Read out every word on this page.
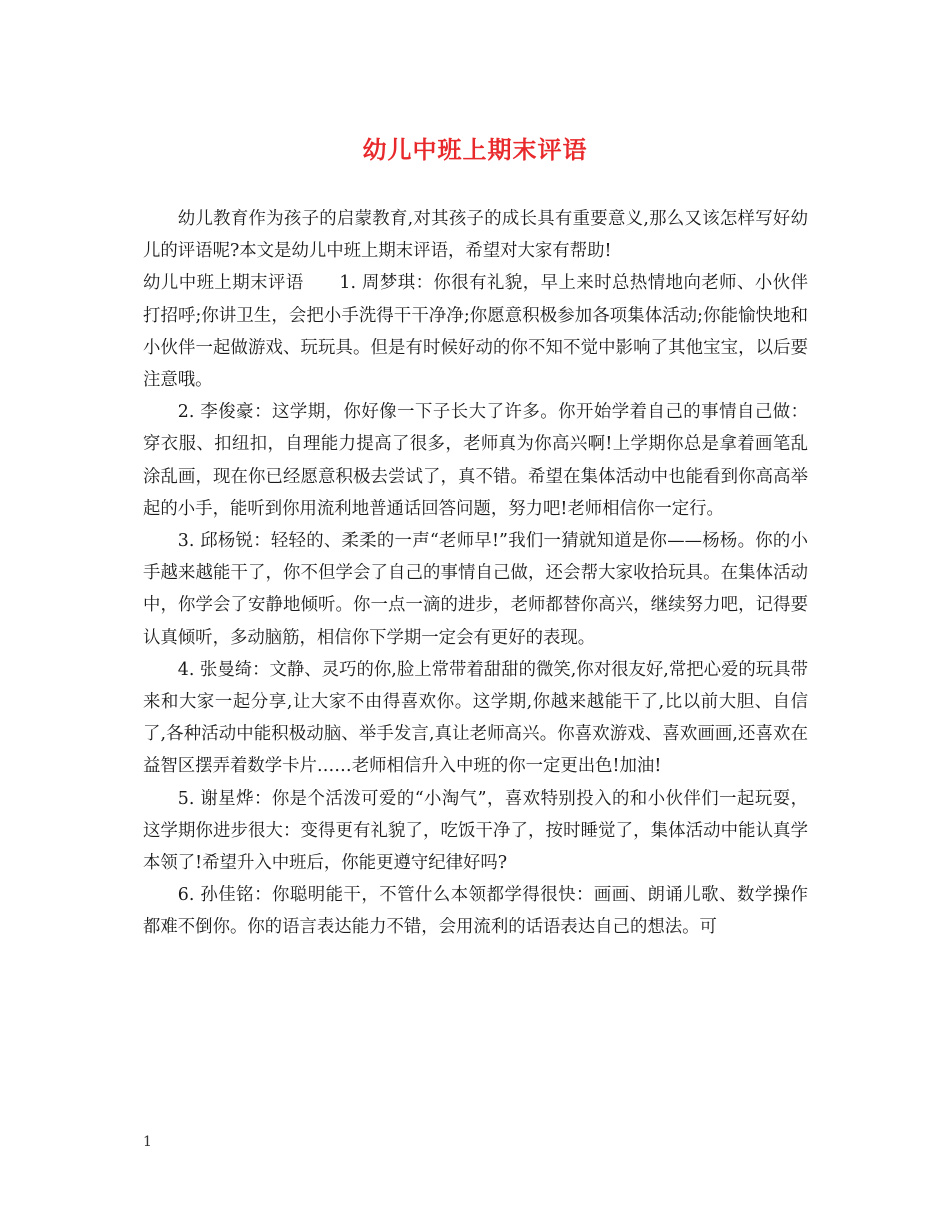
幼儿中班上期末评语

幼儿教育作为孩子的启蒙教育,对其孩子的成长具有重要意义,那么又该怎样写好幼儿的评语呢?本文是幼儿中班上期末评语，希望对大家有帮助!

幼儿中班上期末评语　　1. 周梦琪：你很有礼貌，早上来时总热情地向老师、小伙伴打招呼;你讲卫生，会把小手洗得干干净净;你愿意积极参加各项集体活动;你能愉快地和小伙伴一起做游戏、玩玩具。但是有时候好动的你不知不觉中影响了其他宝宝，以后要注意哦。

2. 李俊豪：这学期，你好像一下子长大了许多。你开始学着自己的事情自己做：穿衣服、扣纽扣，自理能力提高了很多，老师真为你高兴啊!上学期你总是拿着画笔乱涂乱画，现在你已经愿意积极去尝试了，真不错。希望在集体活动中也能看到你高高举起的小手，能听到你用流利地普通话回答问题，努力吧!老师相信你一定行。

3. 邱杨锐：轻轻的、柔柔的一声“老师早!”我们一猜就知道是你——杨杨。你的小手越来越能干了，你不但学会了自己的事情自己做，还会帮大家收拾玩具。在集体活动中，你学会了安静地倾听。你一点一滴的进步，老师都替你高兴，继续努力吧，记得要认真倾听，多动脑筋，相信你下学期一定会有更好的表现。

4. 张曼绮：文静、灵巧的你,脸上常带着甜甜的微笑,你对很友好,常把心爱的玩具带来和大家一起分享,让大家不由得喜欢你。这学期,你越来越能干了,比以前大胆、自信了,各种活动中能积极动脑、举手发言,真让老师高兴。你喜欢游戏、喜欢画画,还喜欢在益智区摆弄着数学卡片……老师相信升入中班的你一定更出色!加油!

5. 谢星烨：你是个活泼可爱的“小淘气”，喜欢特别投入的和小伙伴们一起玩耍，这学期你进步很大：变得更有礼貌了，吃饭干净了，按时睡觉了，集体活动中能认真学本领了!希望升入中班后，你能更遵守纪律好吗?

6. 孙佳铭：你聪明能干，不管什么本领都学得很快：画画、朗诵儿歌、数学操作都难不倒你。你的语言表达能力不错，会用流利的话语表达自己的想法。可

1
